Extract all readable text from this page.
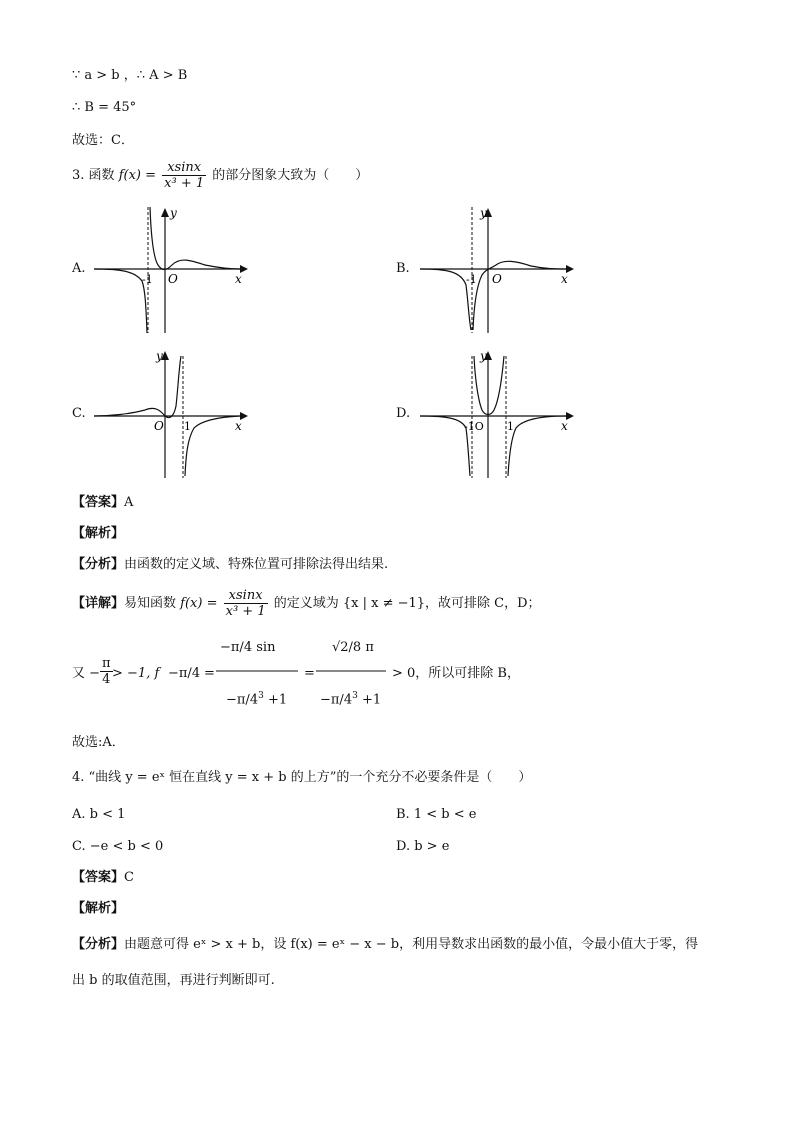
∵ a > b ，∴ A > B
∴ B = 45°
故选：C．
3. 函数 $f(x) = \frac{xsinx}{\text{x³ + 1}}$ 的部分图象大致为（　　）
A.
-1 O	x
y
B.
-1 O	x
y
C.
O 1	x
y
D.
-1O 1	x
y
【答案】A
【解析】
【分析】由函数的定义域、特殊位置可排除法得出结果.
【详解】易知函数 $f(x) = \frac{xsinx}{\text{x³ + 1}}$ 的定义域为 {x | x ≠ −1}，故可排除 C，D；
又 − $\frac{\pi}{4} > -1$, f −π/4 =
−π/4 sin
$-\pi/4^3 +1$
=
√2/8 π
$-\pi/4^3 +1$
> 0，所以可排除 B，
故选:A．
4. “曲线 y = eˣ 恒在直线 y = x + b 的上方”的一个充分不必要条件是（　　）
A. b < 1	B. 1 < b < e
C. −e < b < 0	D. b > e
【答案】C
【解析】
【分析】由题意可得 eˣ > x + b，设 f(x) = eˣ − x − b，利用导数求出函数的最小值，令最小值大于零，得
出 b 的取值范围，再进行判断即可.
